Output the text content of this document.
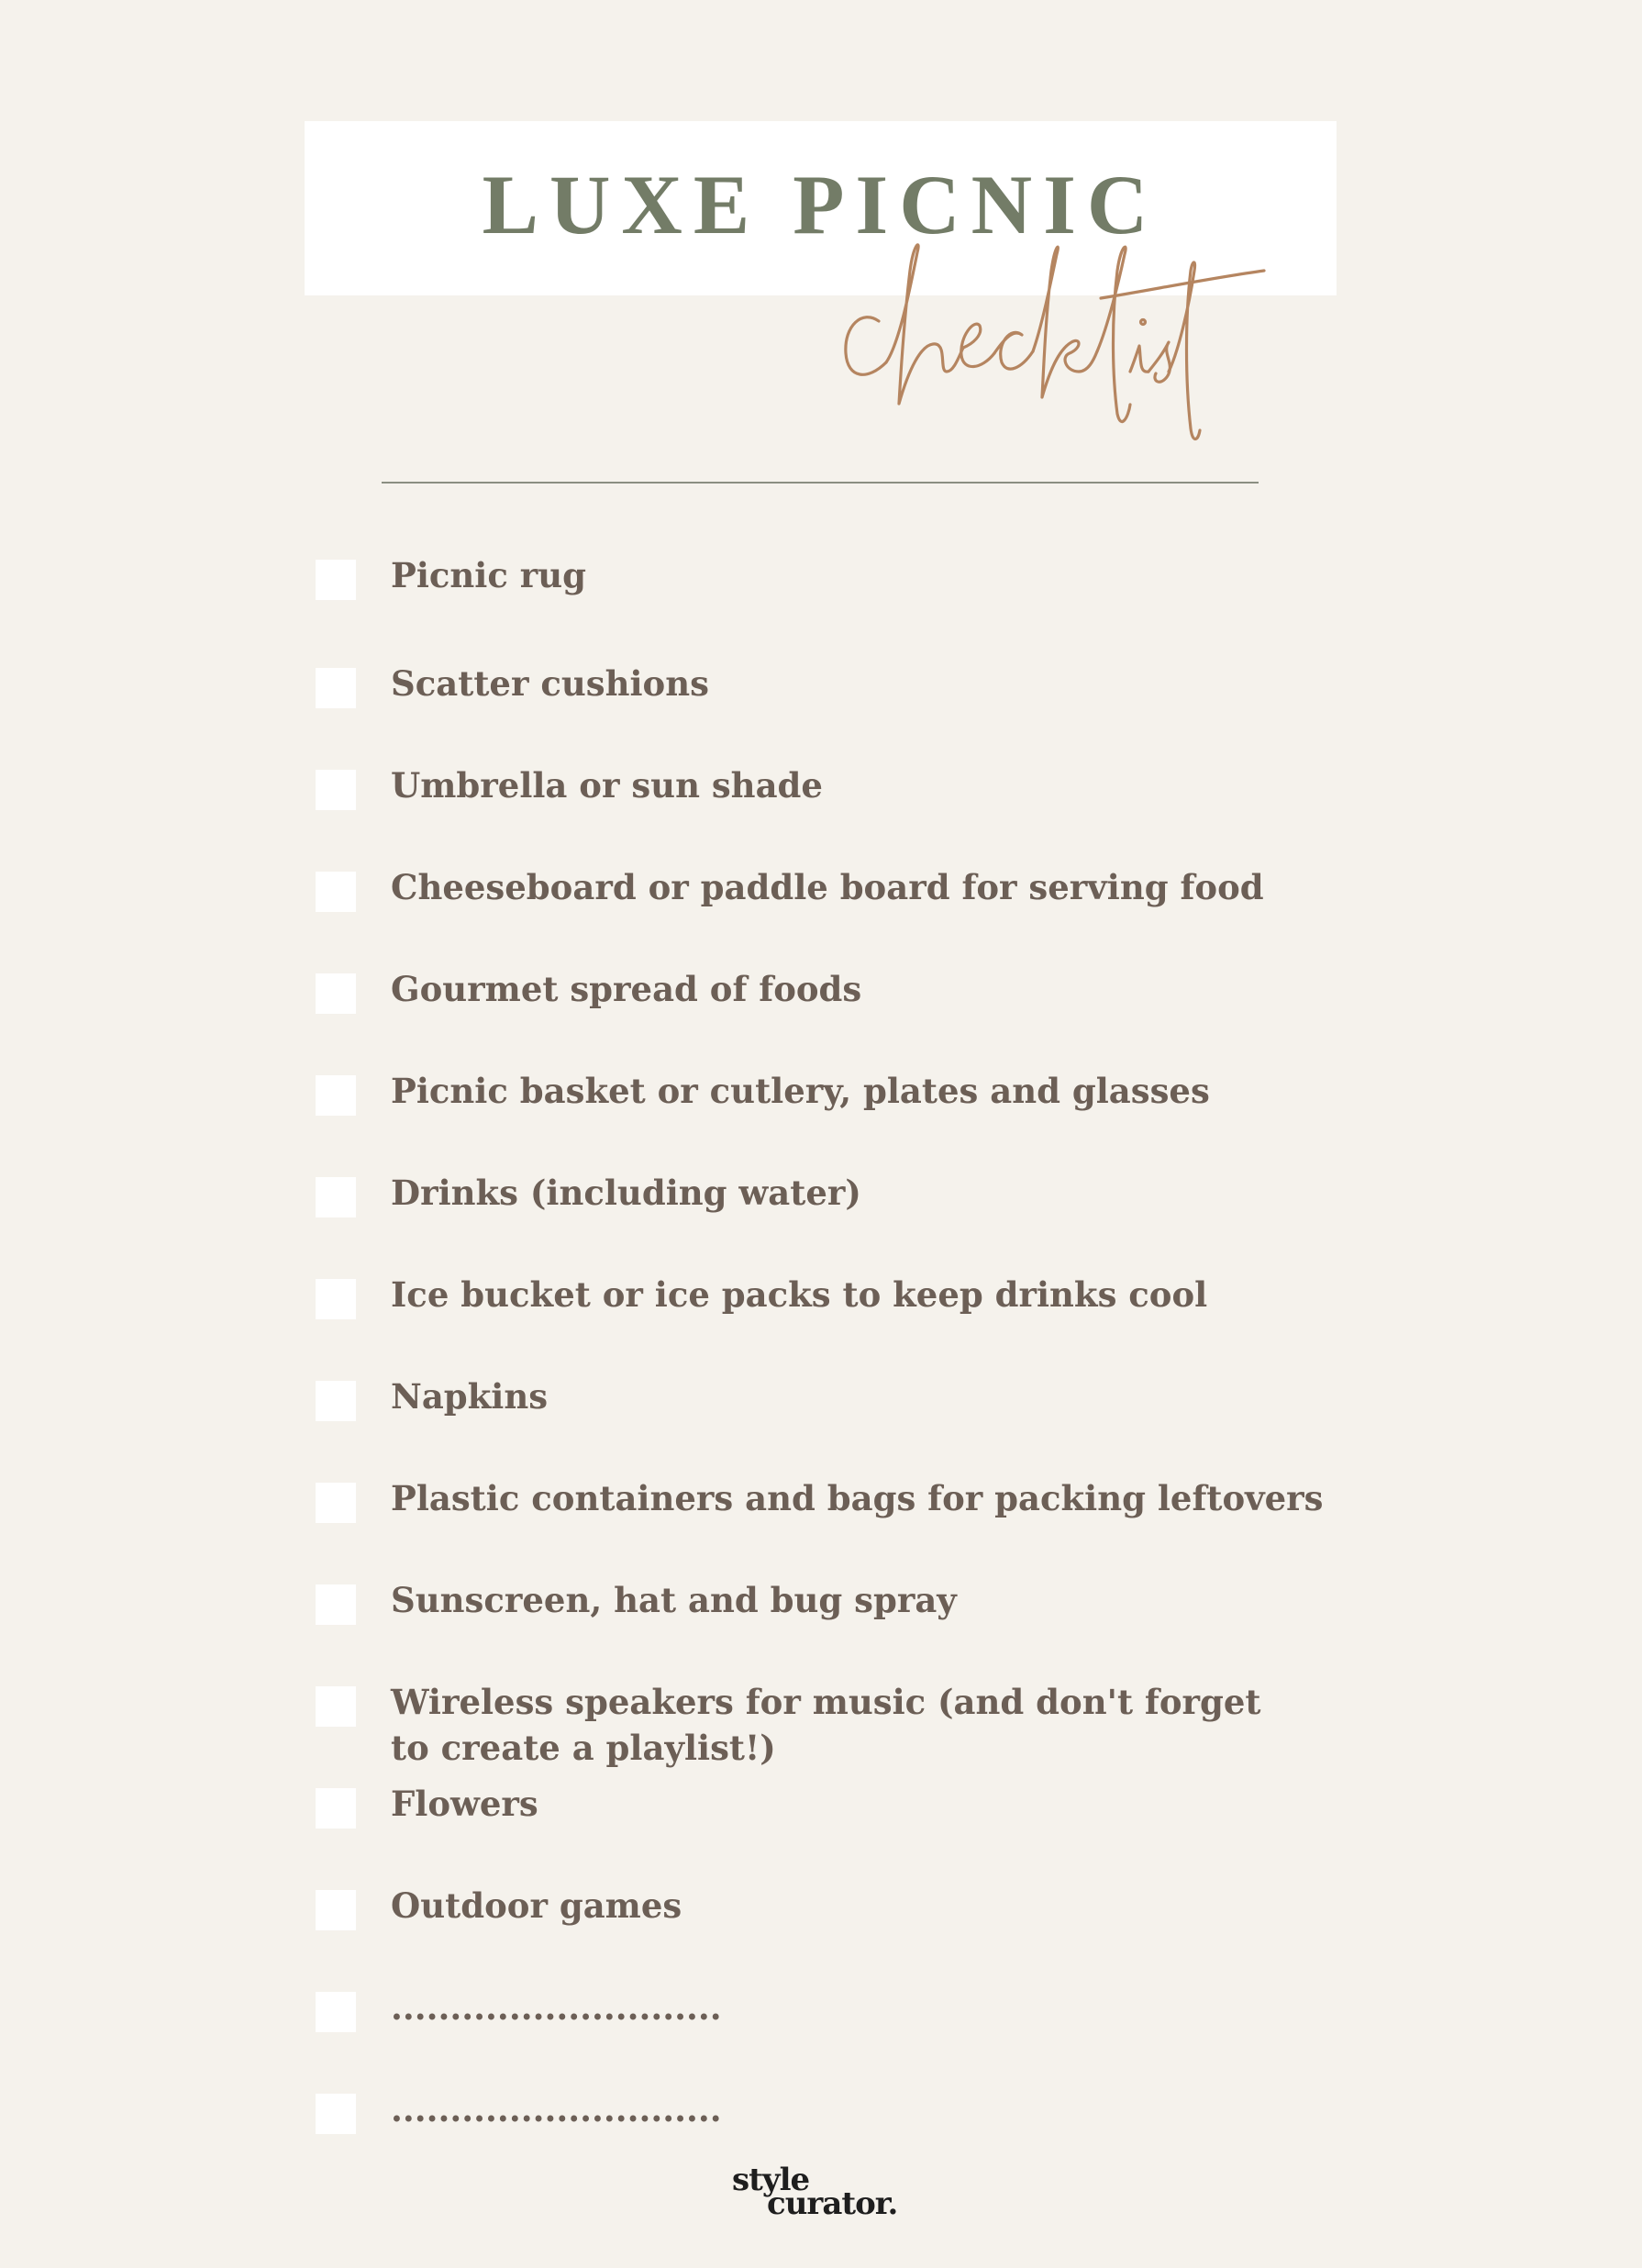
LUXE PICNIC
Picnic rug
Scatter cushions
Umbrella or sun shade
Cheeseboard or paddle board for serving food
Gourmet spread of foods
Picnic basket or cutlery, plates and glasses
Drinks (including water)
Ice bucket or ice packs to keep drinks cool
Napkins
Plastic containers and bags for packing leftovers
Sunscreen, hat and bug spray
Wireless speakers for music (and don't forget to create a playlist!)
Flowers
Outdoor games
............................
............................
style
curator.
